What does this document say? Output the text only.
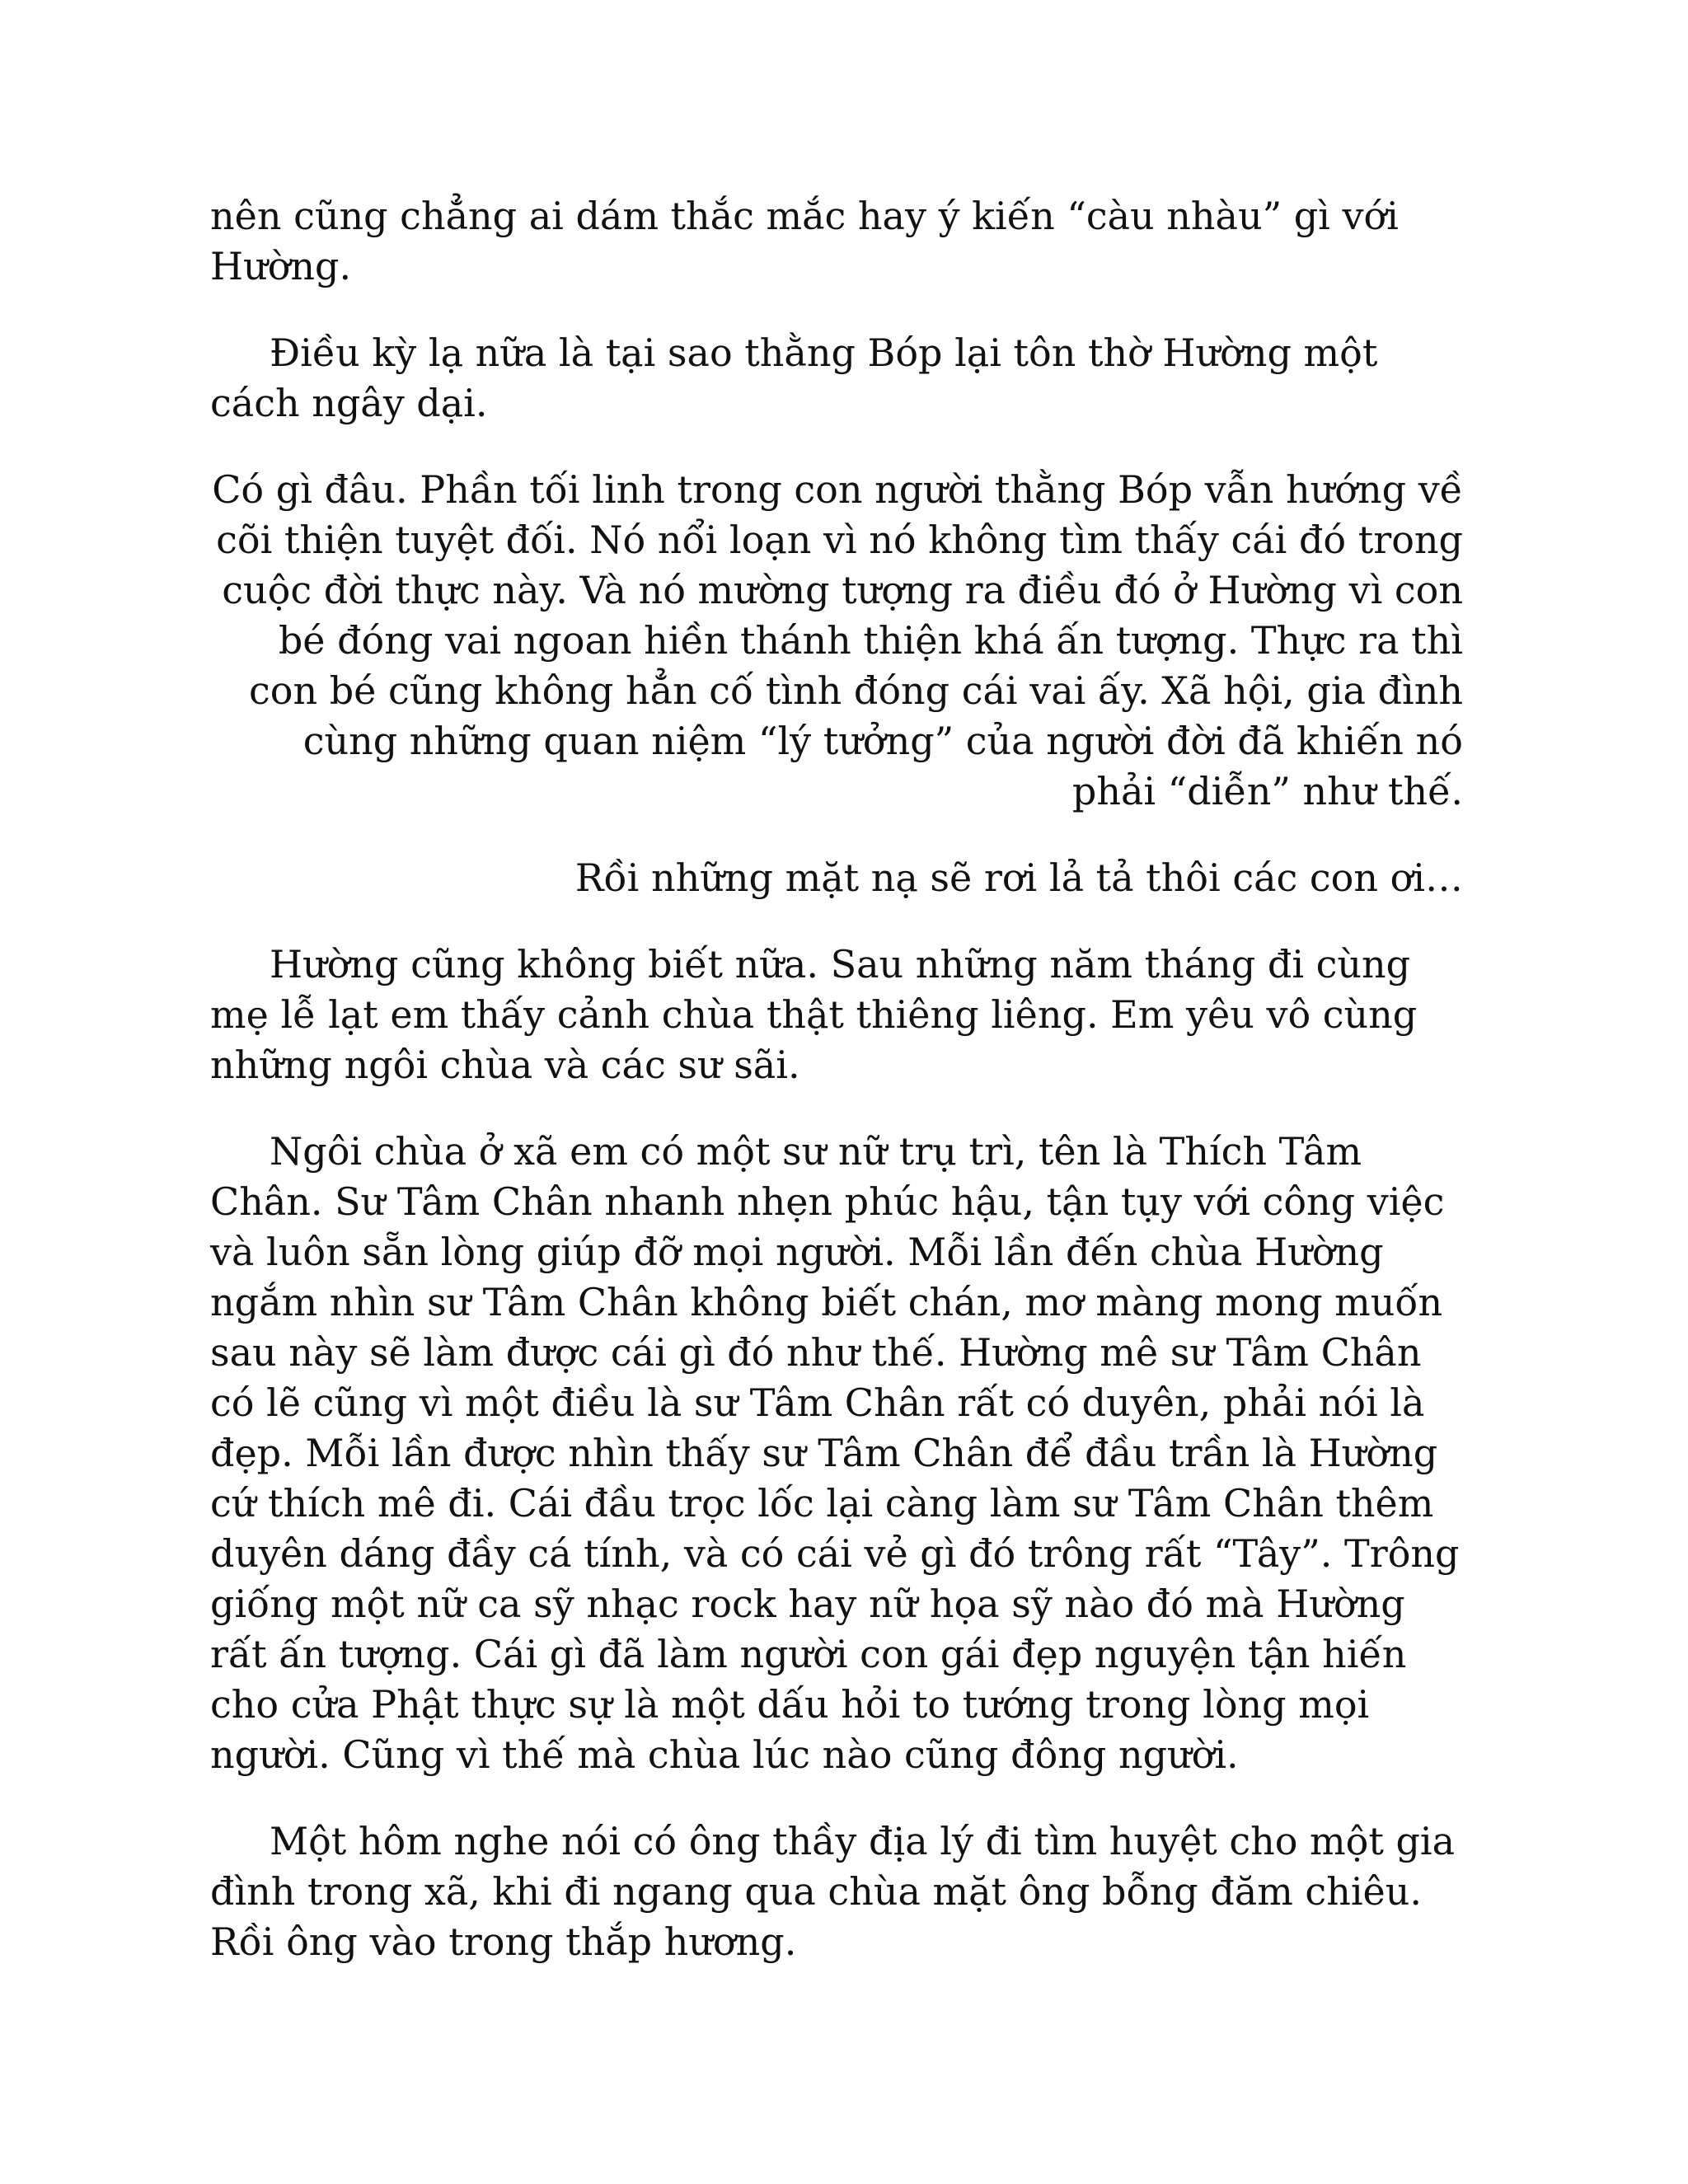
nên cũng chẳng ai dám thắc mắc hay ý kiến “càu nhàu” gì với Hường.

Điều kỳ lạ nữa là tại sao thằng Bóp lại tôn thờ Hường một cách ngây dại.

Có gì đâu. Phần tối linh trong con người thằng Bóp vẫn hướng về cõi thiện tuyệt đối. Nó nổi loạn vì nó không tìm thấy cái đó trong cuộc đời thực này. Và nó mường tượng ra điều đó ở Hường vì con bé đóng vai ngoan hiền thánh thiện khá ấn tượng. Thực ra thì con bé cũng không hẳn cố tình đóng cái vai ấy. Xã hội, gia đình cùng những quan niệm “lý tưởng” của người đời đã khiến nó phải “diễn” như thế.

Rồi những mặt nạ sẽ rơi lả tả thôi các con ơi…

Hường cũng không biết nữa. Sau những năm tháng đi cùng mẹ lễ lạt em thấy cảnh chùa thật thiêng liêng. Em yêu vô cùng những ngôi chùa và các sư sãi.

Ngôi chùa ở xã em có một sư nữ trụ trì, tên là Thích Tâm Chân. Sư Tâm Chân nhanh nhẹn phúc hậu, tận tụy với công việc và luôn sẵn lòng giúp đỡ mọi người. Mỗi lần đến chùa Hường ngắm nhìn sư Tâm Chân không biết chán, mơ màng mong muốn sau này sẽ làm được cái gì đó như thế. Hường mê sư Tâm Chân có lẽ cũng vì một điều là sư Tâm Chân rất có duyên, phải nói là đẹp. Mỗi lần được nhìn thấy sư Tâm Chân để đầu trần là Hường cứ thích mê đi. Cái đầu trọc lốc lại càng làm sư Tâm Chân thêm duyên dáng đầy cá tính, và có cái vẻ gì đó trông rất “Tây”. Trông giống một nữ ca sỹ nhạc rock hay nữ họa sỹ nào đó mà Hường rất ấn tượng. Cái gì đã làm người con gái đẹp nguyện tận hiến cho cửa Phật thực sự là một dấu hỏi to tướng trong lòng mọi người. Cũng vì thế mà chùa lúc nào cũng đông người.

Một hôm nghe nói có ông thầy địa lý đi tìm huyệt cho một gia đình trong xã, khi đi ngang qua chùa mặt ông bỗng đăm chiêu. Rồi ông vào trong thắp hương.
